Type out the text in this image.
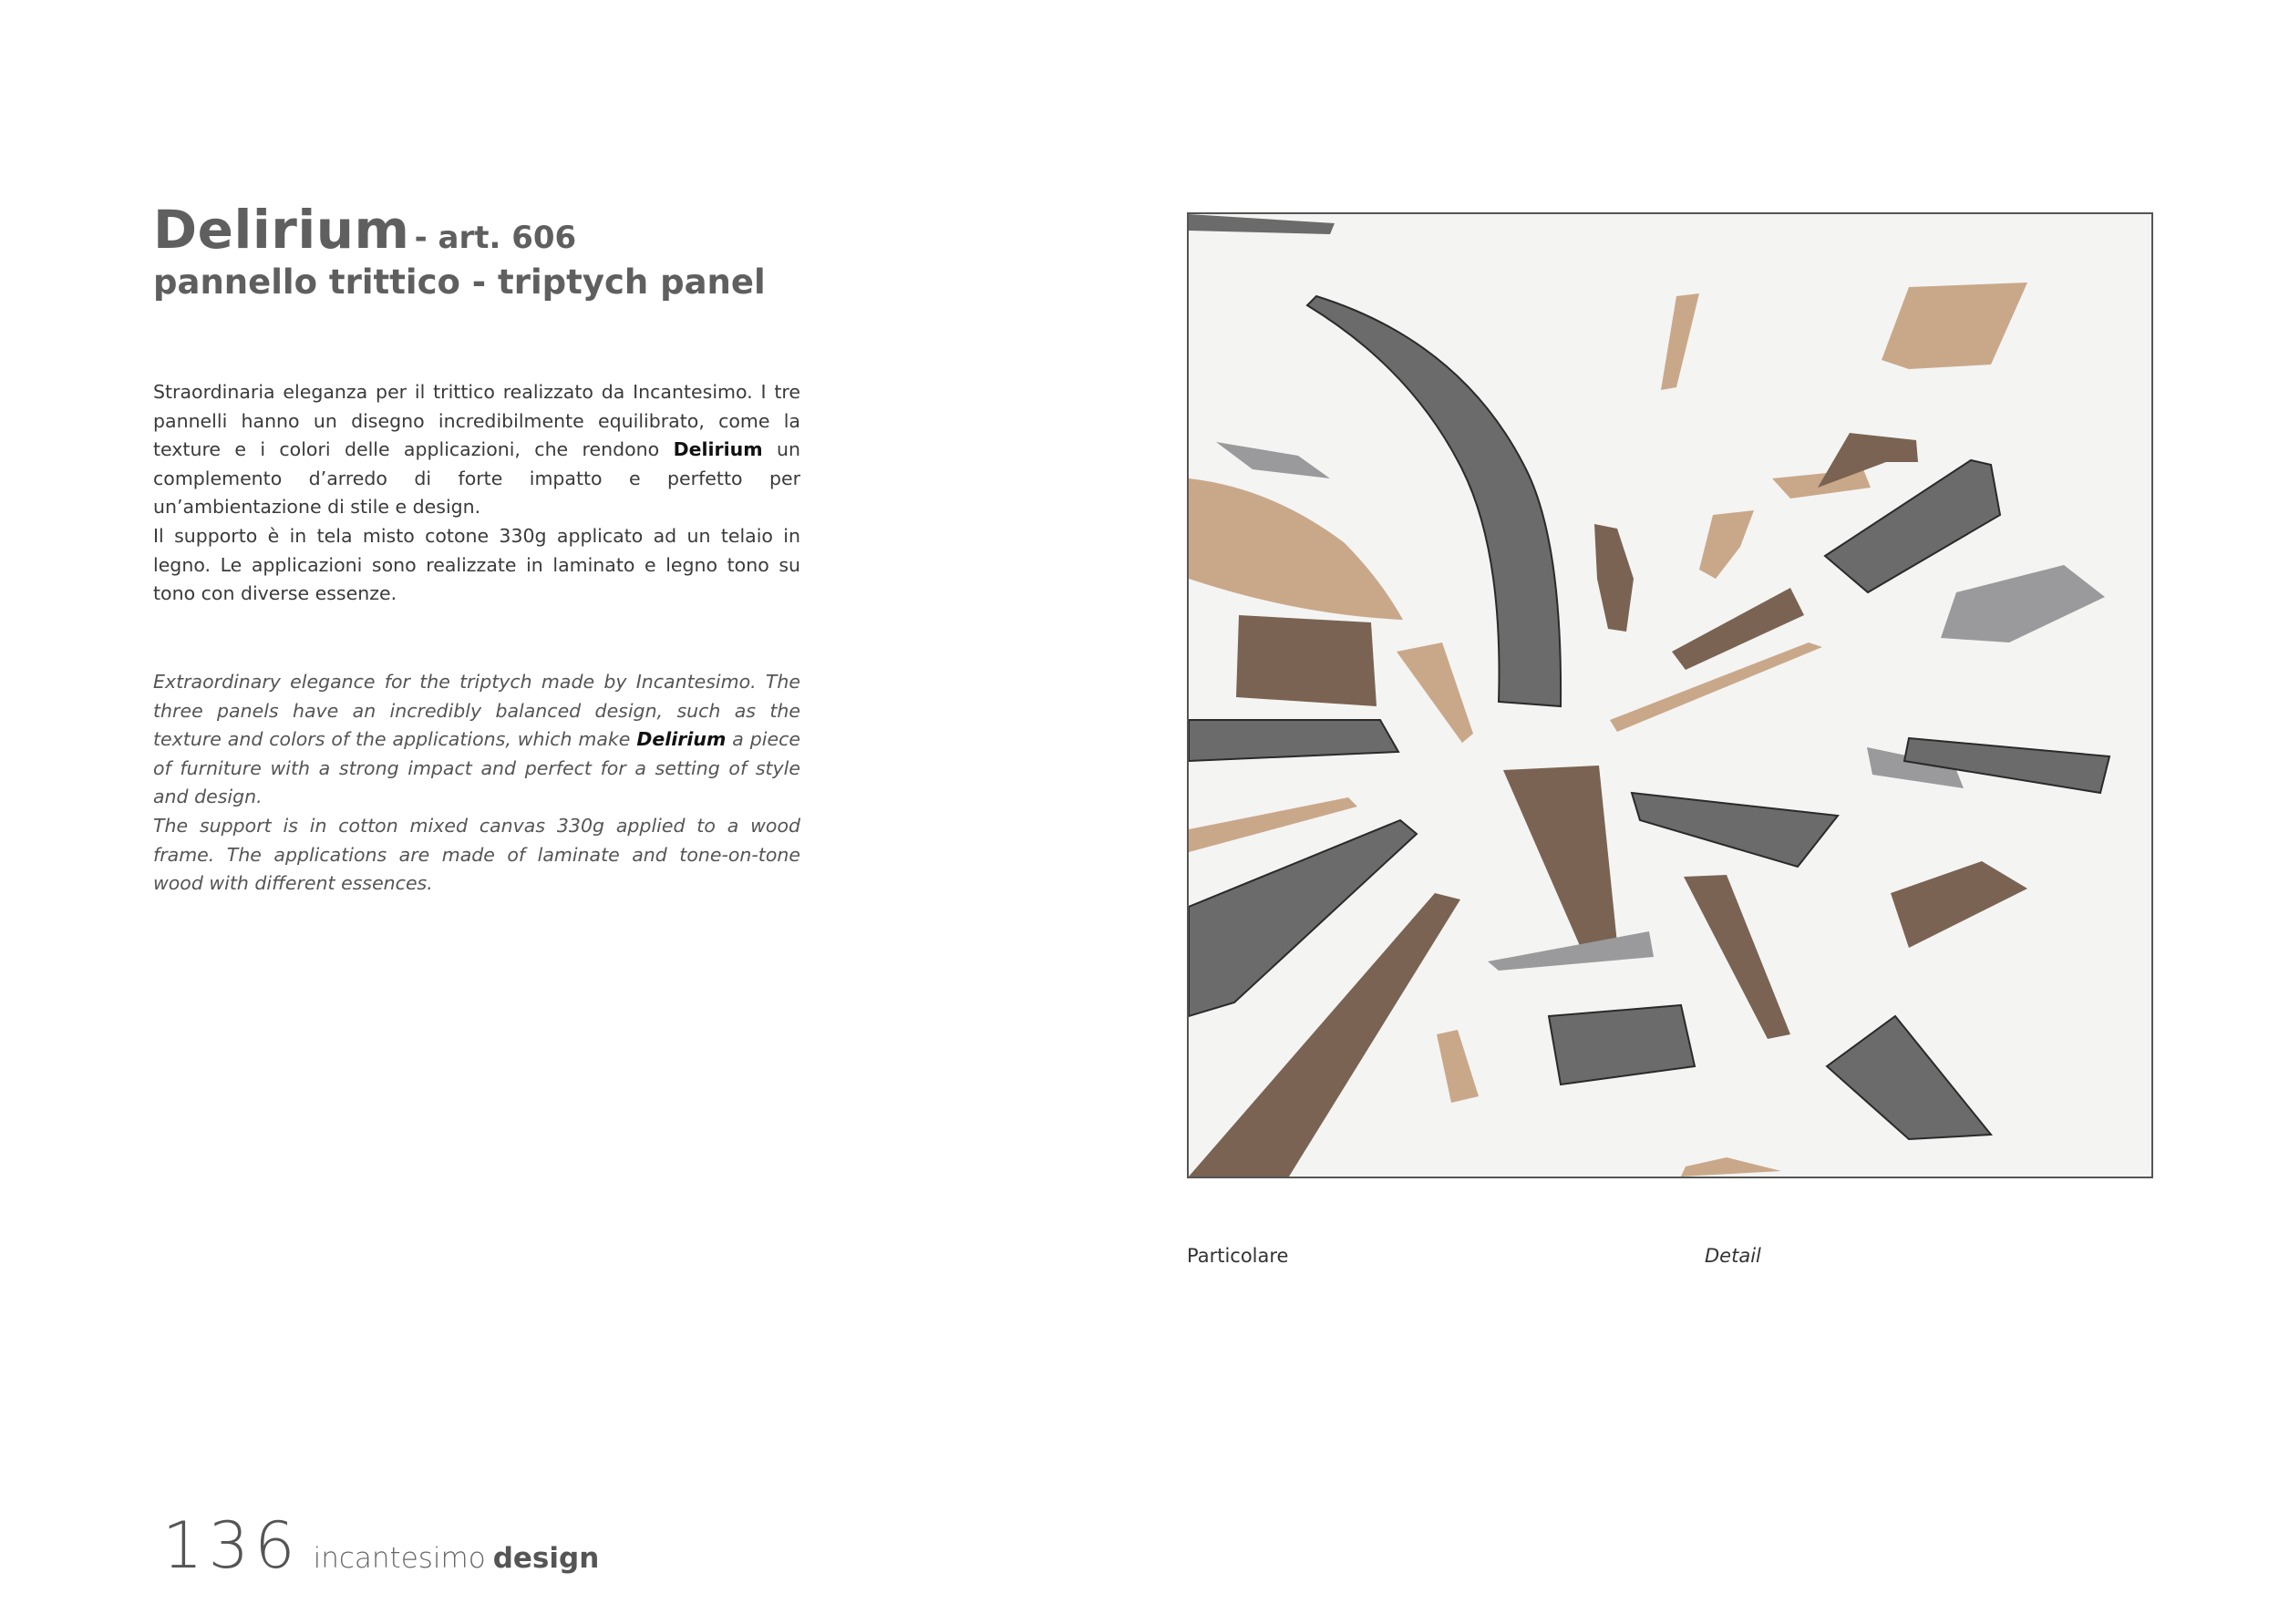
Delirium - art. 606
pannello trittico - triptych panel

Straordinaria eleganza per il trittico realizzato da Incantesimo. I tre pannelli hanno un disegno incredibilmente equilibrato, come la texture e i colori delle applicazioni, che rendono Delirium un complemento d’arredo di forte impatto e perfetto per un’ambientazione di stile e design.

Il supporto è in tela misto cotone 330g applicato ad un telaio in legno. Le applicazioni sono realizzate in laminato e legno tono su tono con diverse essenze.

Extraordinary elegance for the triptych made by Incantesimo. The three panels have an incredibly balanced design, such as the texture and colors of the applications, which make Delirium a piece of furniture with a strong impact and perfect for a setting of style and design.

The support is in cotton mixed canvas 330g applied to a wood frame. The applications are made of laminate and tone-on-tone wood with different essences.

Particolare	Detail
136 incantesimo design
